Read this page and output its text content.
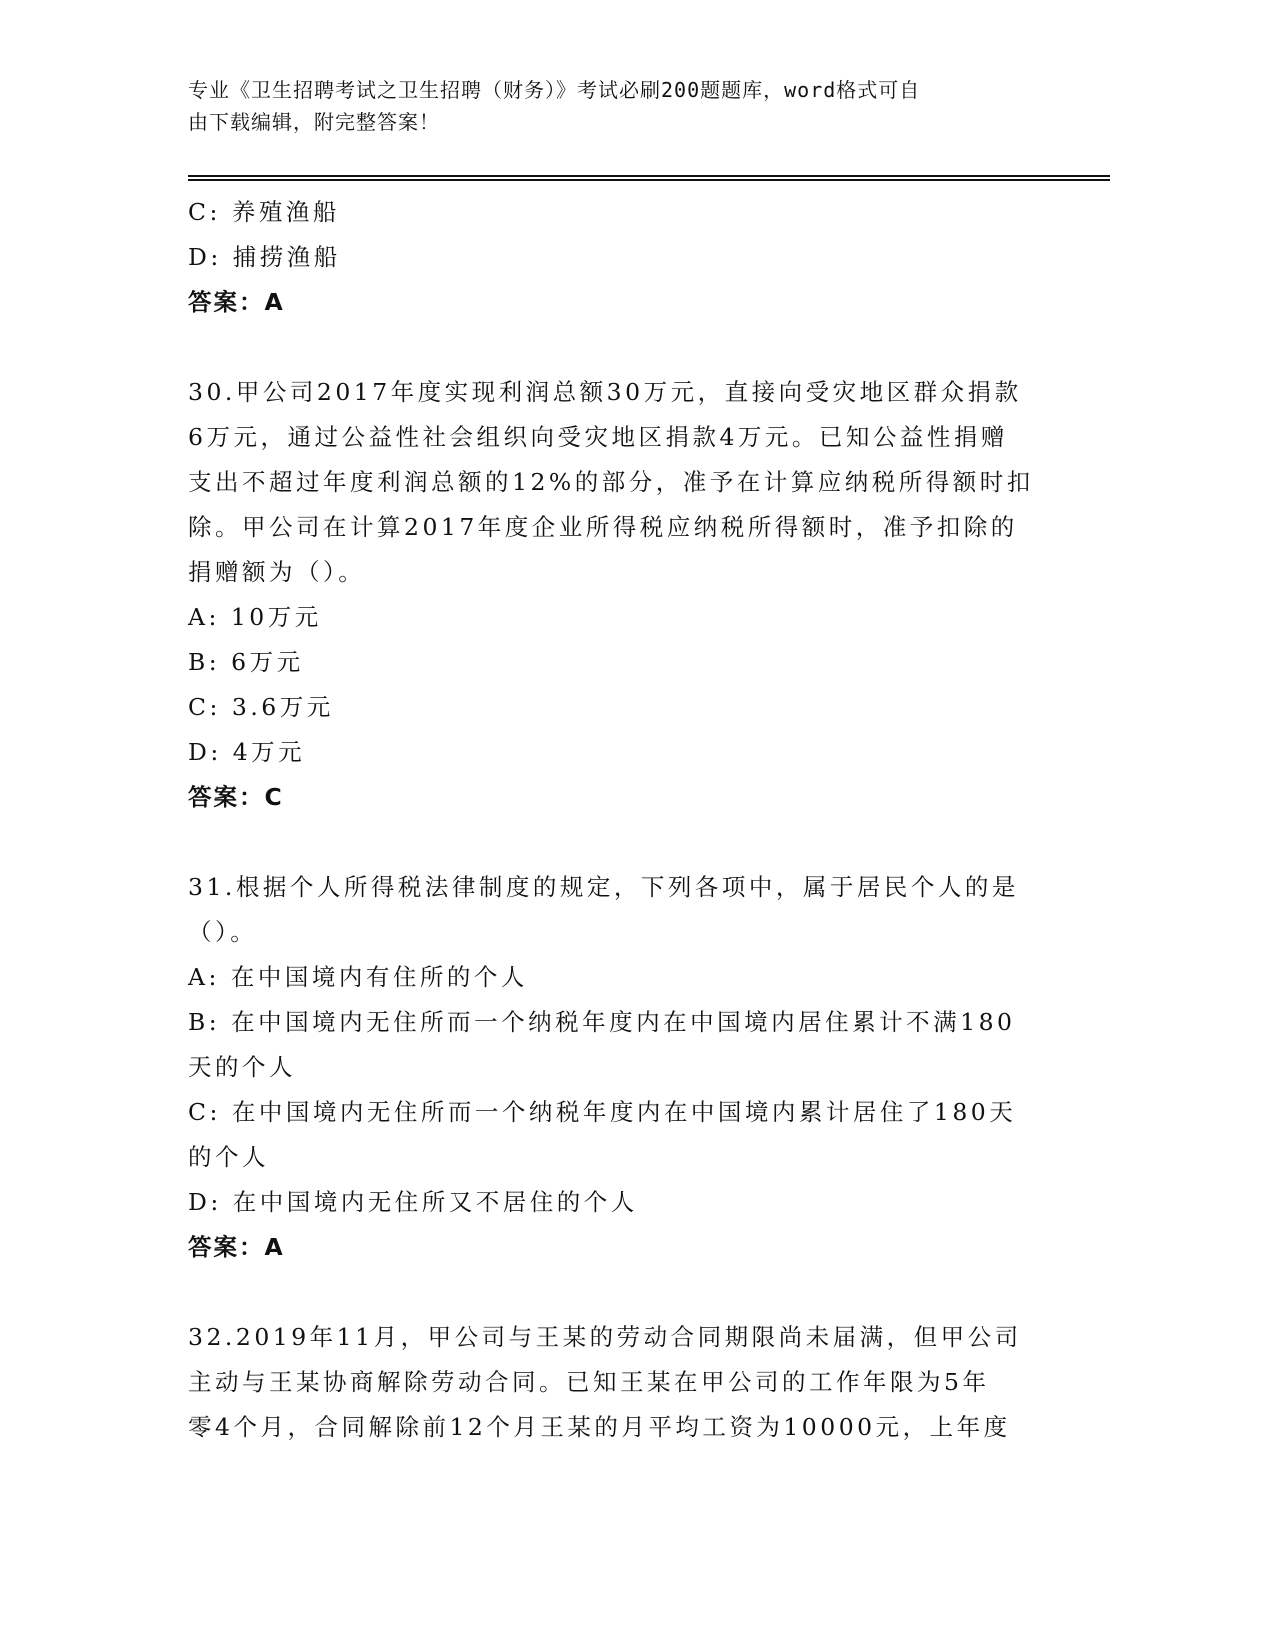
专业《卫生招聘考试之卫生招聘（财务）》考试必刷200题题库，word格式可自
由下载编辑，附完整答案！
C: 养殖渔船
D: 捕捞渔船
答案：A
30.甲公司2017年度实现利润总额30万元，直接向受灾地区群众捐款
6万元，通过公益性社会组织向受灾地区捐款4万元。已知公益性捐赠
支出不超过年度利润总额的12%的部分，准予在计算应纳税所得额时扣
除。甲公司在计算2017年度企业所得税应纳税所得额时，准予扣除的
捐赠额为（）。
A: 10万元
B: 6万元
C: 3.6万元
D: 4万元
答案：C
31.根据个人所得税法律制度的规定，下列各项中，属于居民个人的是
（）。
A: 在中国境内有住所的个人
B: 在中国境内无住所而一个纳税年度内在中国境内居住累计不满180
天的个人
C: 在中国境内无住所而一个纳税年度内在中国境内累计居住了180天
的个人
D: 在中国境内无住所又不居住的个人
答案：A
32.2019年11月，甲公司与王某的劳动合同期限尚未届满，但甲公司
主动与王某协商解除劳动合同。已知王某在甲公司的工作年限为5年
零4个月，合同解除前12个月王某的月平均工资为10000元，上年度
